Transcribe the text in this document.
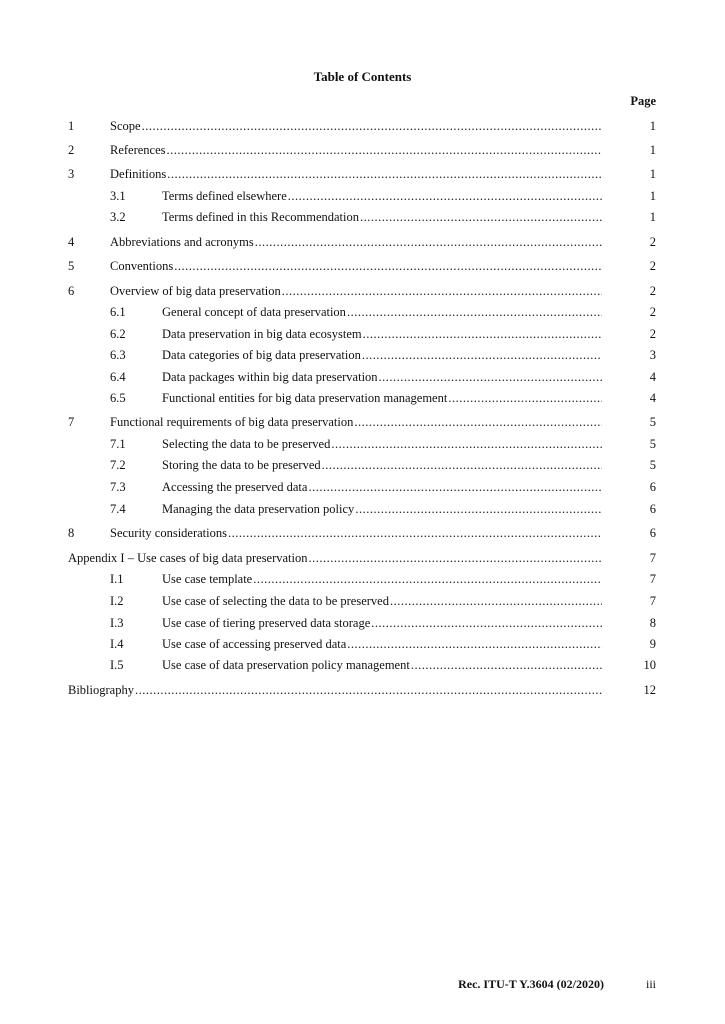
Table of Contents
Page
1	Scope .....	1
2	References .....	1
3	Definitions .....	1
3.1	Terms defined elsewhere .....	1
3.2	Terms defined in this Recommendation .....	1
4	Abbreviations and acronyms .....	2
5	Conventions .....	2
6	Overview of big data preservation .....	2
6.1	General concept of data preservation .....	2
6.2	Data preservation in big data ecosystem .....	2
6.3	Data categories of big data preservation .....	3
6.4	Data packages within big data preservation .....	4
6.5	Functional entities for big data preservation management .....	4
7	Functional requirements of big data preservation .....	5
7.1	Selecting the data to be preserved .....	5
7.2	Storing the data to be preserved .....	5
7.3	Accessing the preserved data .....	6
7.4	Managing the data preservation policy .....	6
8	Security considerations .....	6
Appendix I – Use cases of big data preservation .....	7
I.1	Use case template .....	7
I.2	Use case of selecting the data to be preserved .....	7
I.3	Use case of tiering preserved data storage .....	8
I.4	Use case of accessing preserved data .....	9
I.5	Use case of data preservation policy management .....	10
Bibliography .....	12
Rec. ITU-T Y.3604 (02/2020)	iii
